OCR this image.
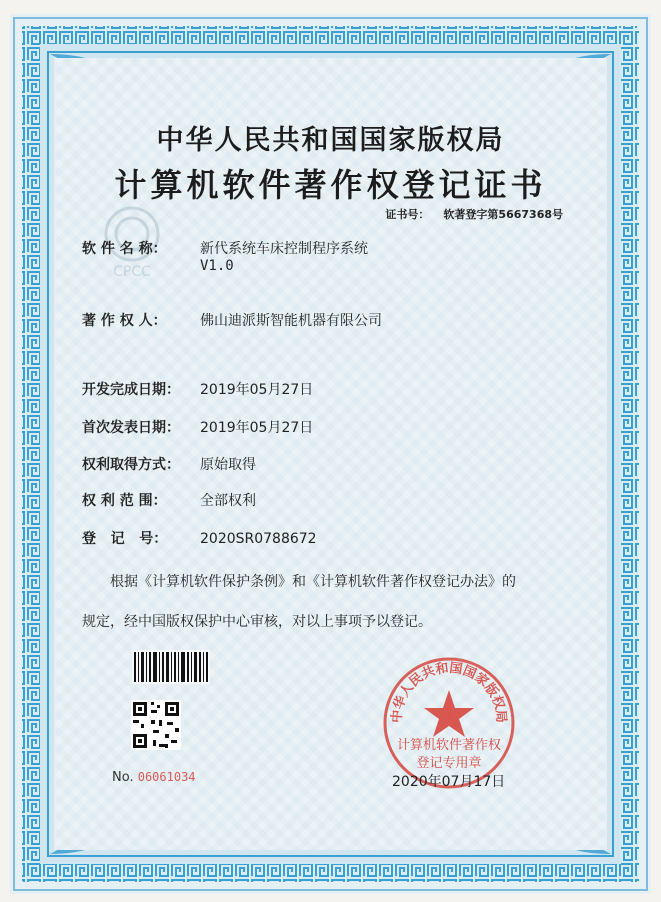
中华人民共和国国家版权局
计算机软件著作权登记证书
证书号： 软著登字第5667368号
CPCC
软 件 名 称： 新代系统车床控制程序系统
V1.0
著 作 权 人： 佛山迪派斯智能机器有限公司
开发完成日期： 2019年05月27日
首次发表日期： 2019年05月27日
权利取得方式： 原始取得
权 利 范 围： 全部权利
登   记   号： 2020SR0788672
根据《计算机软件保护条例》和《计算机软件著作权登记办法》的
规定，经中国版权保护中心审核，对以上事项予以登记。
No. 06061034
中华人民共和国国家版权局
计算机软件著作权
登记专用章
2020年07月17日
